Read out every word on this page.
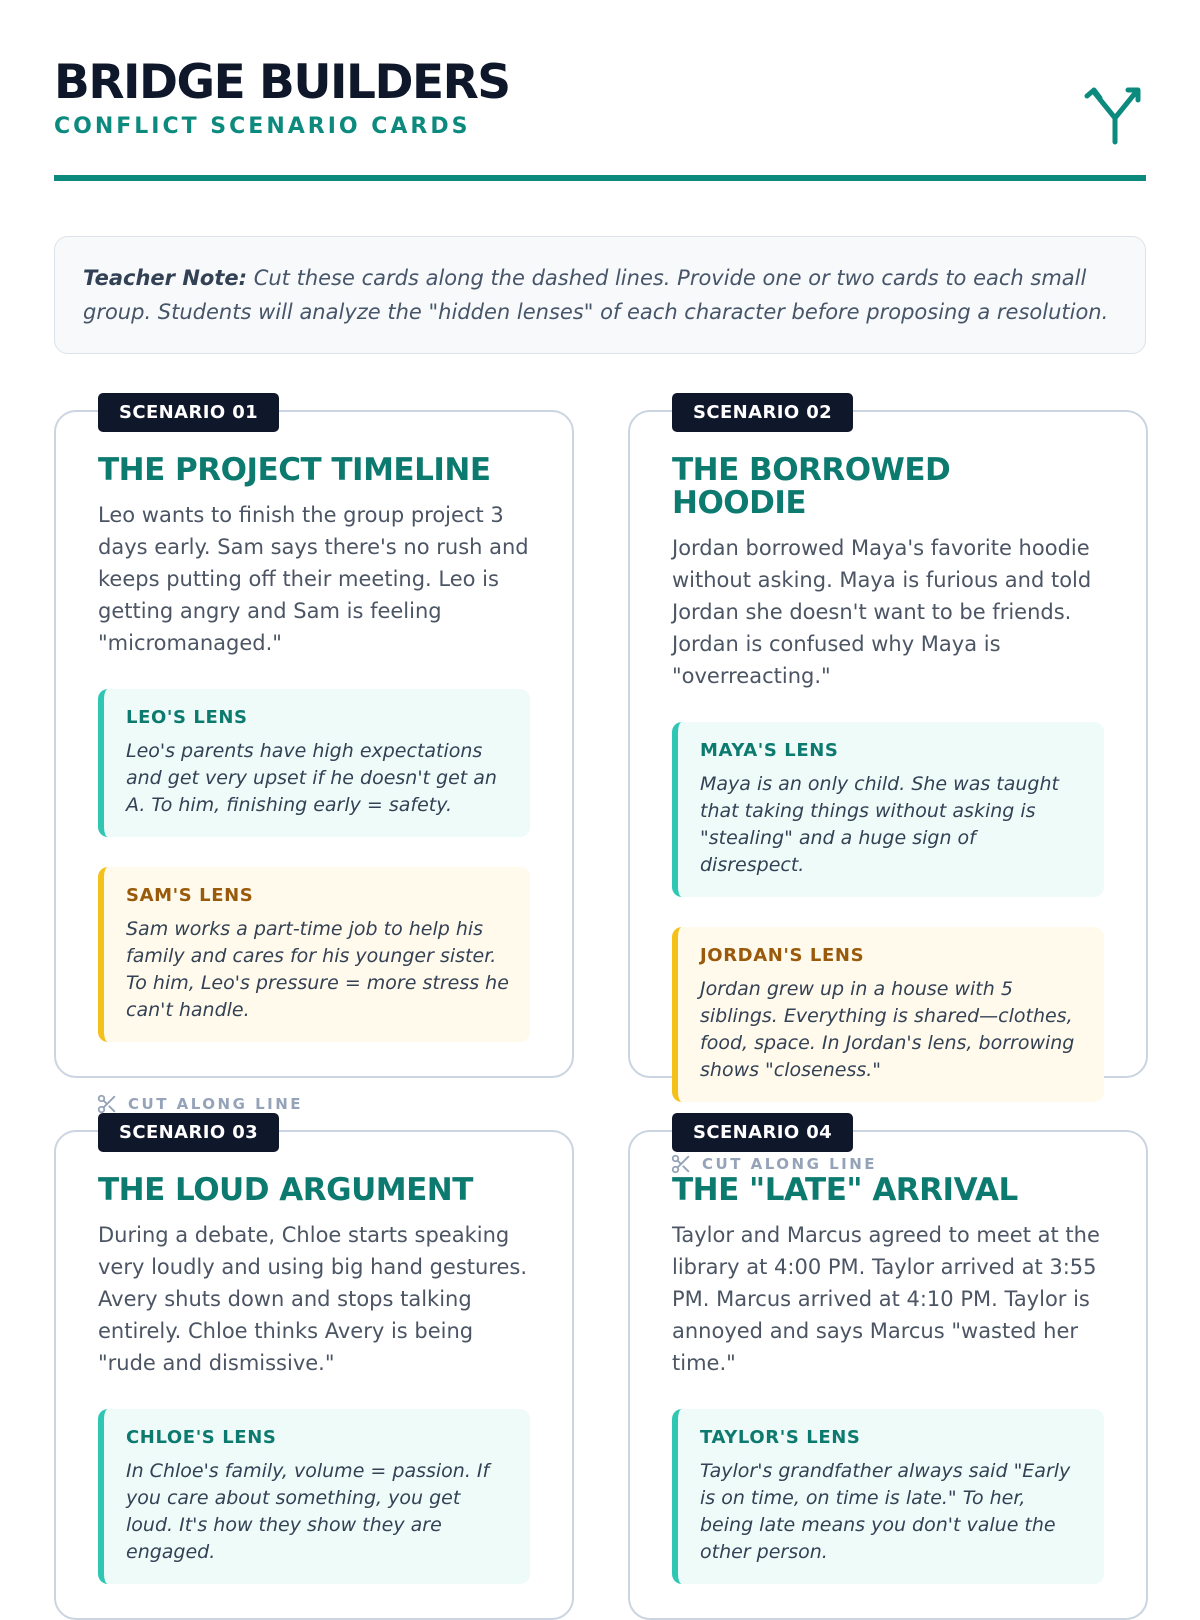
BRIDGE BUILDERS
CONFLICT SCENARIO CARDS
Teacher Note: Cut these cards along the dashed lines. Provide one or two cards to each small group. Students will analyze the "hidden lenses" of each character before proposing a resolution.
SCENARIO 01
THE PROJECT TIMELINE
Leo wants to finish the group project 3 days early. Sam says there's no rush and keeps putting off their meeting. Leo is getting angry and Sam is feeling "micromanaged."
LEO'S LENS
Leo's parents have high expectations and get very upset if he doesn't get an A. To him, finishing early = safety.
SAM'S LENS
Sam works a part-time job to help his family and cares for his younger sister. To him, Leo's pressure = more stress he can't handle.
SCENARIO 02
THE BORROWED HOODIE
Jordan borrowed Maya's favorite hoodie without asking. Maya is furious and told Jordan she doesn't want to be friends. Jordan is confused why Maya is "overreacting."
MAYA'S LENS
Maya is an only child. She was taught that taking things without asking is "stealing" and a huge sign of disrespect.
JORDAN'S LENS
Jordan grew up in a house with 5 siblings. Everything is shared—clothes, food, space. In Jordan's lens, borrowing shows "closeness."
CUT ALONG LINE
SCENARIO 03
THE LOUD ARGUMENT
During a debate, Chloe starts speaking very loudly and using big hand gestures. Avery shuts down and stops talking entirely. Chloe thinks Avery is being "rude and dismissive."
CHLOE'S LENS
In Chloe's family, volume = passion. If you care about something, you get loud. It's how they show they are engaged.
SCENARIO 04
THE "LATE" ARRIVAL
Taylor and Marcus agreed to meet at the library at 4:00 PM. Taylor arrived at 3:55 PM. Marcus arrived at 4:10 PM. Taylor is annoyed and says Marcus "wasted her time."
TAYLOR'S LENS
Taylor's grandfather always said "Early is on time, on time is late." To her, being late means you don't value the other person.
CUT ALONG LINE
